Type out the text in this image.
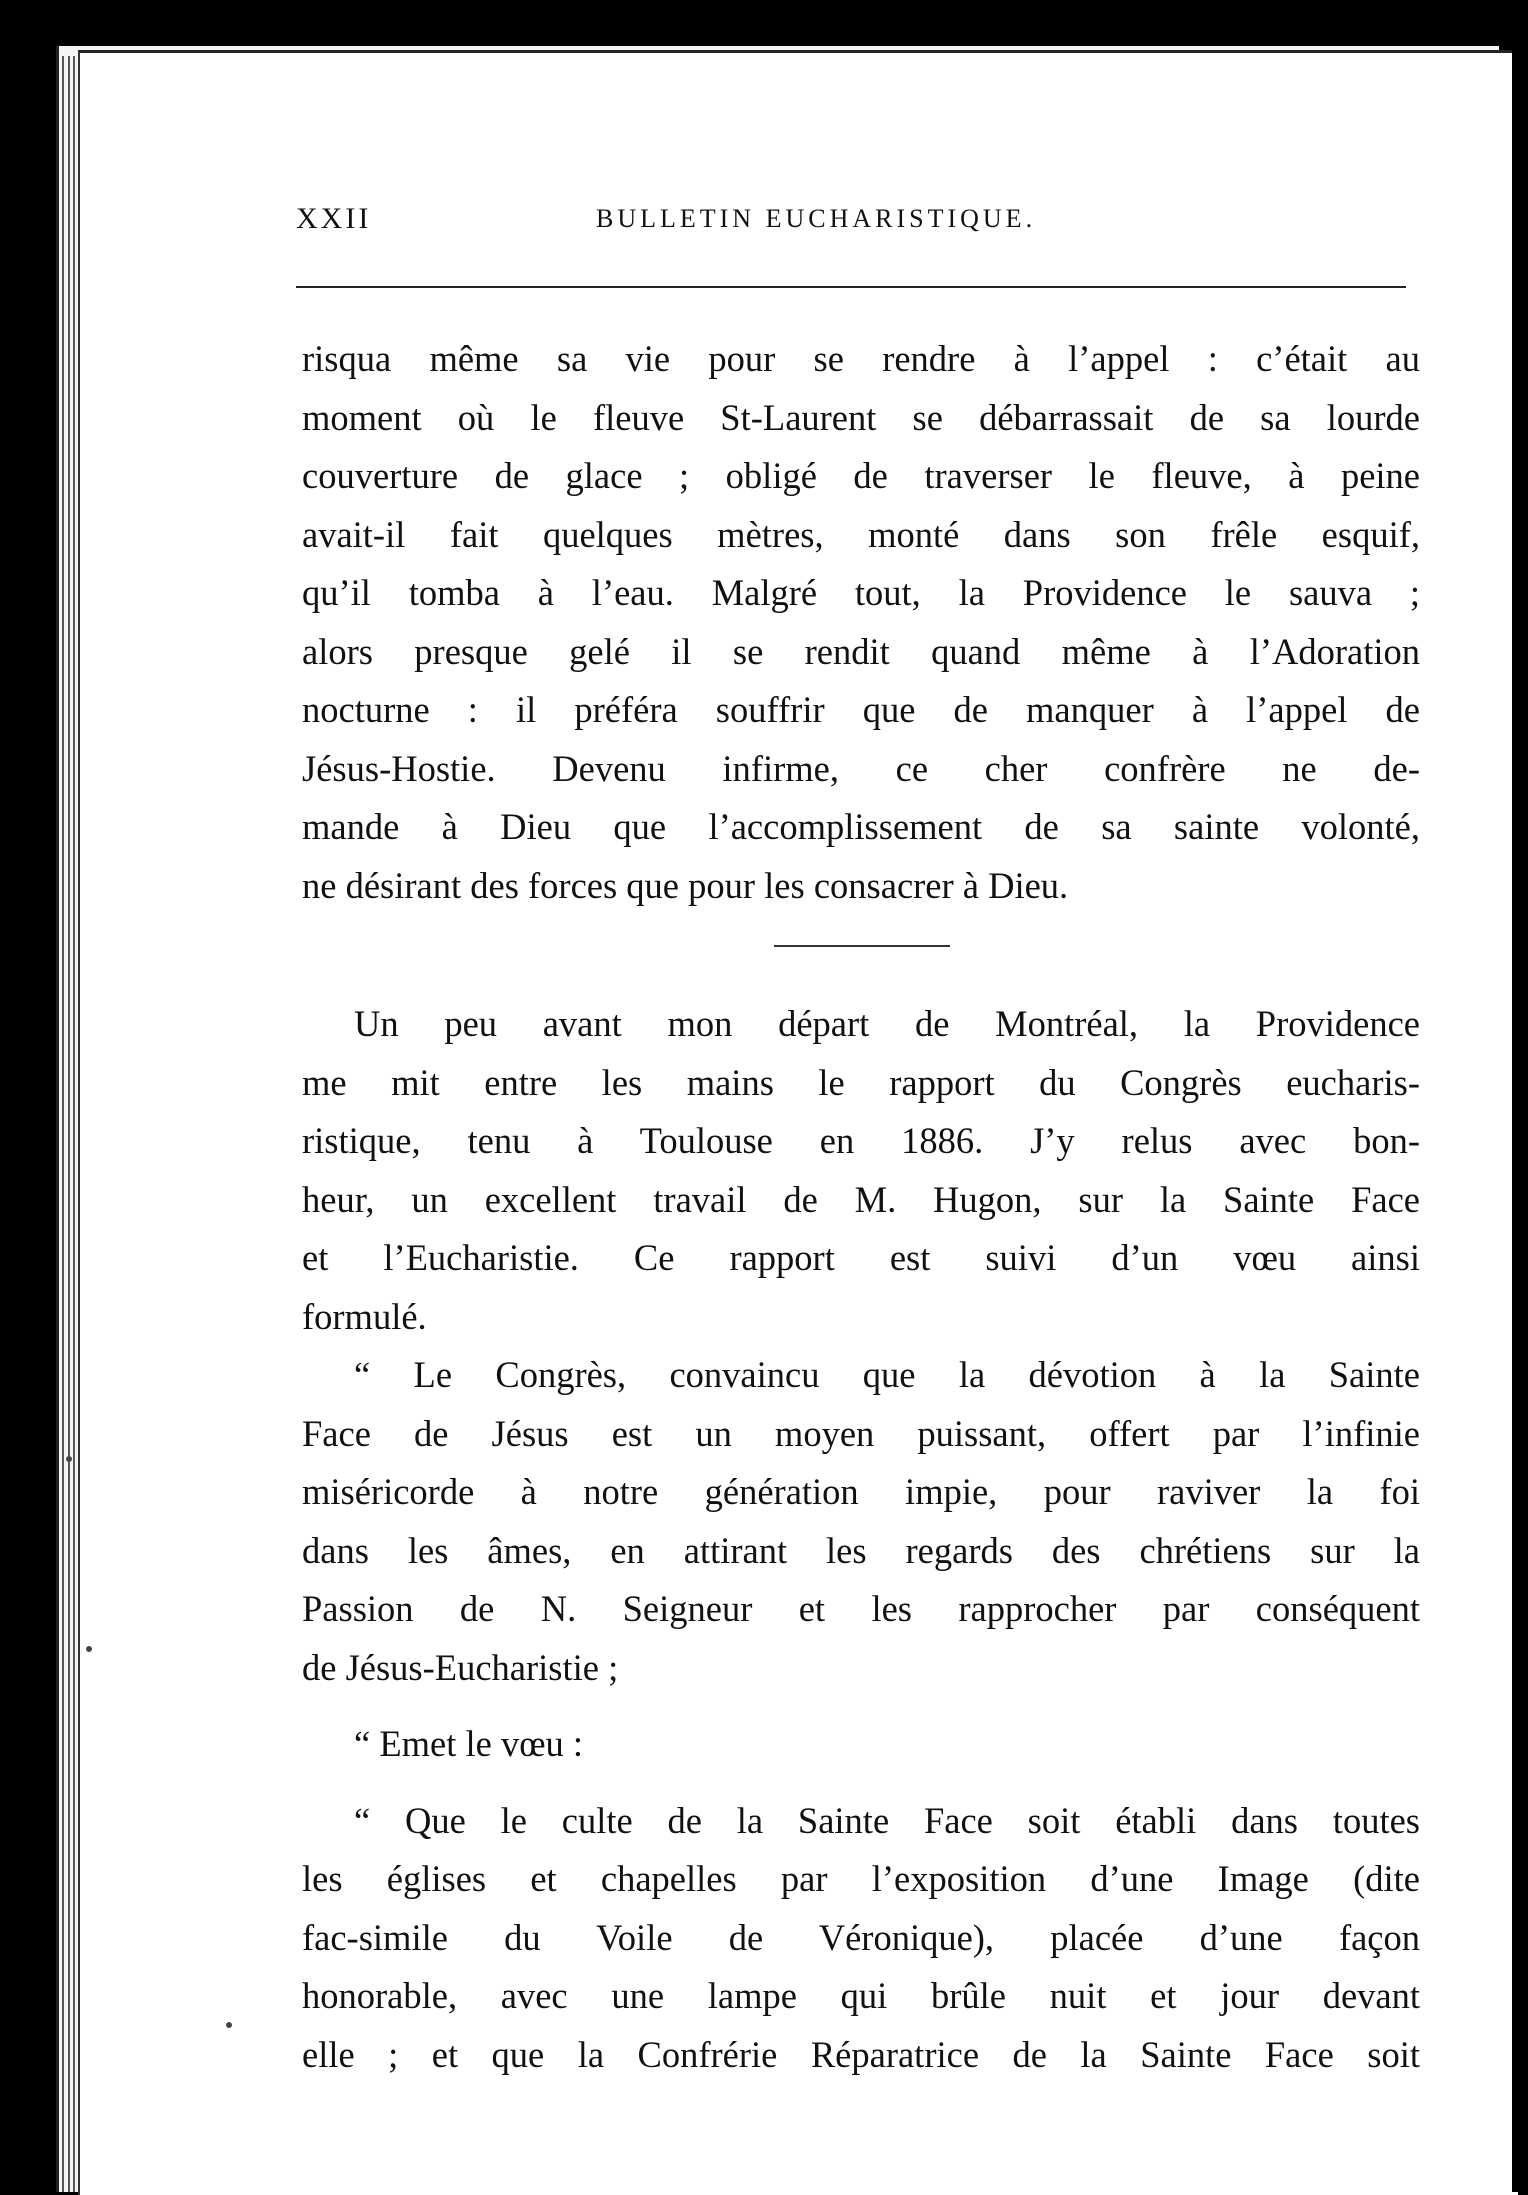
XXII	BULLETIN EUCHARISTIQUE.

risqua même sa vie pour se rendre à l’appel : c’était au
moment où le fleuve St-Laurent se débarrassait de sa lourde
couverture de glace ; obligé de traverser le fleuve, à peine
avait-il fait quelques mètres, monté dans son frêle esquif,
qu’il tomba à l’eau. Malgré tout, la Providence le sauva ;
alors presque gelé il se rendit quand même à l’Adoration
nocturne : il préféra souffrir que de manquer à l’appel de
Jésus-Hostie. Devenu infirme, ce cher confrère ne de-
mande à Dieu que l’accomplissement de sa sainte volonté,
ne désirant des forces que pour les consacrer à Dieu.

Un peu avant mon départ de Montréal, la Providence

me mit entre les mains le rapport du Congrès eucharis-
ristique, tenu à Toulouse en 1886. J’y relus avec bon-
heur, un excellent travail de M. Hugon, sur la Sainte Face
et l’Eucharistie. Ce rapport est suivi d’un vœu ainsi
formulé.

“ Le Congrès, convaincu que la dévotion à la Sainte

Face de Jésus est un moyen puissant, offert par l’infinie
miséricorde à notre génération impie, pour raviver la foi
dans les âmes, en attirant les regards des chrétiens sur la
Passion de N. Seigneur et les rapprocher par conséquent
de Jésus-Eucharistie ;

“ Emet le vœu :

“ Que le culte de la Sainte Face soit établi dans toutes

les églises et chapelles par l’exposition d’une Image (dite
fac-simile du Voile de Véronique), placée d’une façon
honorable, avec une lampe qui brûle nuit et jour devant
elle ; et que la Confrérie Réparatrice de la Sainte Face soit
